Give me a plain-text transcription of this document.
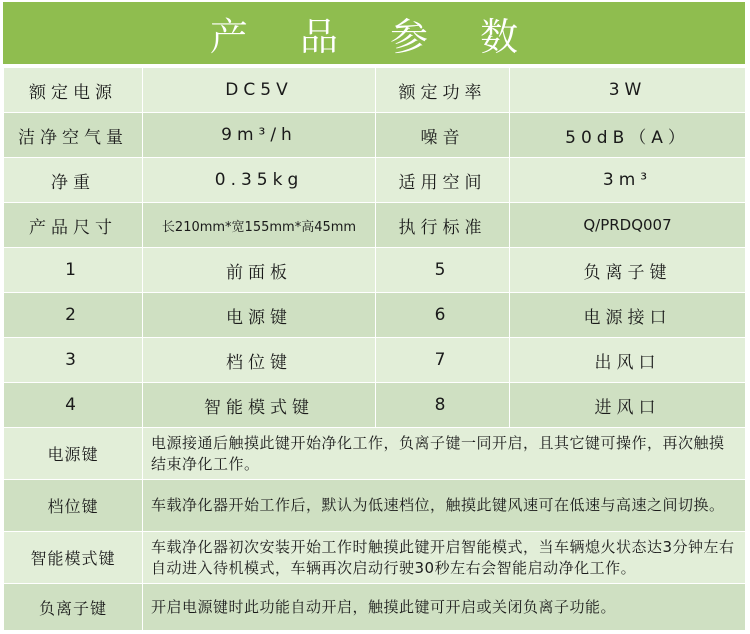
产 品 参 数
额定电源	DC5V	额定功率	3W
洁净空气量	9m³/h	噪音	50dB（A）
净重	0.35kg	适用空间	3m³
产品尺寸	长210mm*宽155mm*高45mm	执行标准	Q/PRDQ007
1	前面板	5	负离子键
2	电源键	6	电源接口
3	档位键	7	出风口
4	智能模式键	8	进风口
电源键	电源接通后触摸此键开始净化工作，负离子键一同开启，且其它键可操作，再次触摸结束净化工作。		
档位键	车载净化器开始工作后，默认为低速档位，触摸此键风速可在低速与高速之间切换。		
智能模式键	车载净化器初次安装开始工作时触摸此键开启智能模式，当车辆熄火状态达3分钟左右自动进入待机模式，车辆再次启动行驶30秒左右会智能启动净化工作。		
负离子键	开启电源键时此功能自动开启，触摸此键可开启或关闭负离子功能。		
